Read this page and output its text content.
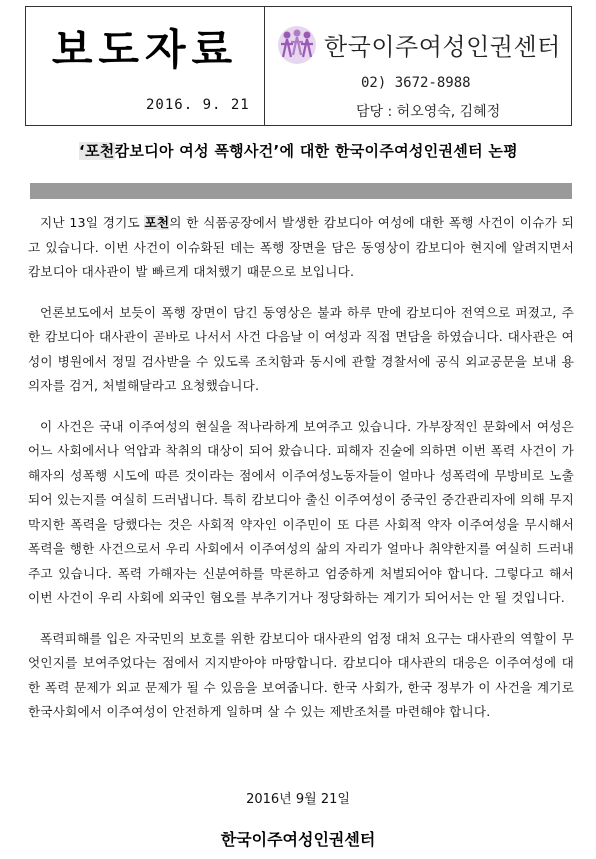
보도자료
2016. 9. 21
한국이주여성인권센터
02) 3672-8988
담당 : 허오영숙, 김혜정
‘포천캄보디아 여성 폭행사건’에 대한 한국이주여성인권센터 논평

지난 13일 경기도 포천의 한 식품공장에서 발생한 캄보디아 여성에 대한 폭행 사건이 이슈가 되고 있습니다. 이번 사건이 이슈화된 데는 폭행 장면을 담은 동영상이 캄보디아 현지에 알려지면서 캄보디아 대사관이 발 빠르게 대처했기 때문으로 보입니다.

언론보도에서 보듯이 폭행 장면이 담긴 동영상은 불과 하루 만에 캄보디아 전역으로 퍼졌고, 주한 캄보디아 대사관이 곧바로 나서서 사건 다음날 이 여성과 직접 면담을 하였습니다. 대사관은 여성이 병원에서 정밀 검사받을 수 있도록 조치함과 동시에 관할 경찰서에 공식 외교공문을 보내 용의자를 검거, 처벌해달라고 요청했습니다.

이 사건은 국내 이주여성의 현실을 적나라하게 보여주고 있습니다. 가부장적인 문화에서 여성은 어느 사회에서나 억압과 착취의 대상이 되어 왔습니다. 피해자 진술에 의하면 이번 폭력 사건이 가해자의 성폭행 시도에 따른 것이라는 점에서 이주여성노동자들이 얼마나 성폭력에 무방비로 노출되어 있는지를 여실히 드러냅니다. 특히 캄보디아 출신 이주여성이 중국인 중간관리자에 의해 무지막지한 폭력을 당했다는 것은 사회적 약자인 이주민이 또 다른 사회적 약자 이주여성을 무시해서 폭력을 행한 사건으로서 우리 사회에서 이주여성의 삶의 자리가 얼마나 취약한지를 여실히 드러내 주고 있습니다. 폭력 가해자는 신분여하를 막론하고 엄중하게 처벌되어야 합니다. 그렇다고 해서 이번 사건이 우리 사회에 외국인 혐오를 부추기거나 정당화하는 계기가 되어서는 안 될 것입니다.

폭력피해를 입은 자국민의 보호를 위한 캄보디아 대사관의 엄정 대처 요구는 대사관의 역할이 무엇인지를 보여주었다는 점에서 지지받아야 마땅합니다. 캄보디아 대사관의 대응은 이주여성에 대한 폭력 문제가 외교 문제가 될 수 있음을 보여줍니다. 한국 사회가, 한국 정부가 이 사건을 계기로 한국사회에서 이주여성이 안전하게 일하며 살 수 있는 제반조처를 마련해야 합니다.

2016년 9월 21일
한국이주여성인권센터
